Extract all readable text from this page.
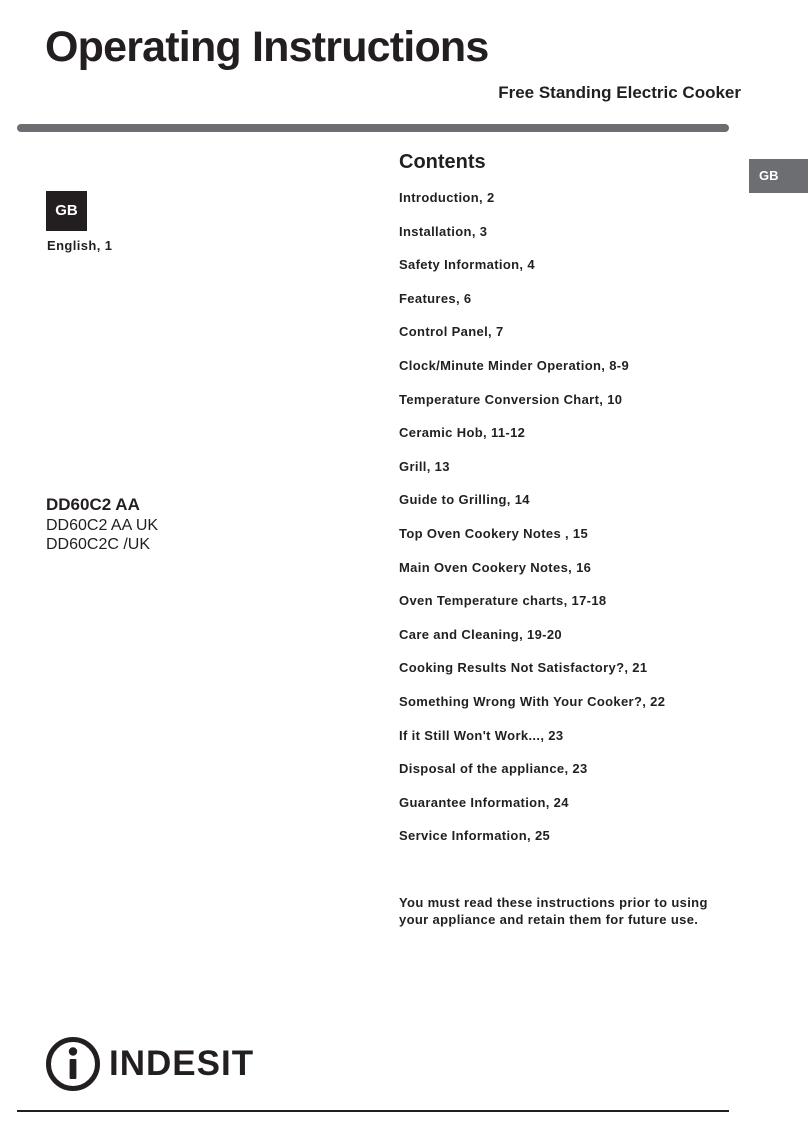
Operating Instructions
Free Standing Electric Cooker
GB
GB
English, 1
DD60C2 AA
DD60C2 AA UK
DD60C2C /UK
Contents
Introduction, 2
Installation, 3
Safety Information, 4
Features, 6
Control Panel, 7
Clock/Minute Minder Operation, 8-9
Temperature Conversion Chart, 10
Ceramic Hob, 11-12
Grill, 13
Guide to Grilling, 14
Top Oven Cookery Notes , 15
Main Oven Cookery Notes, 16
Oven Temperature charts, 17-18
Care and Cleaning, 19-20
Cooking Results Not Satisfactory?, 21
Something Wrong With Your Cooker?, 22
If it Still Won't Work..., 23
Disposal of the appliance, 23
Guarantee Information, 24
Service Information, 25

You must read these instructions prior to using your appliance and retain them for future use.

INDESIT
